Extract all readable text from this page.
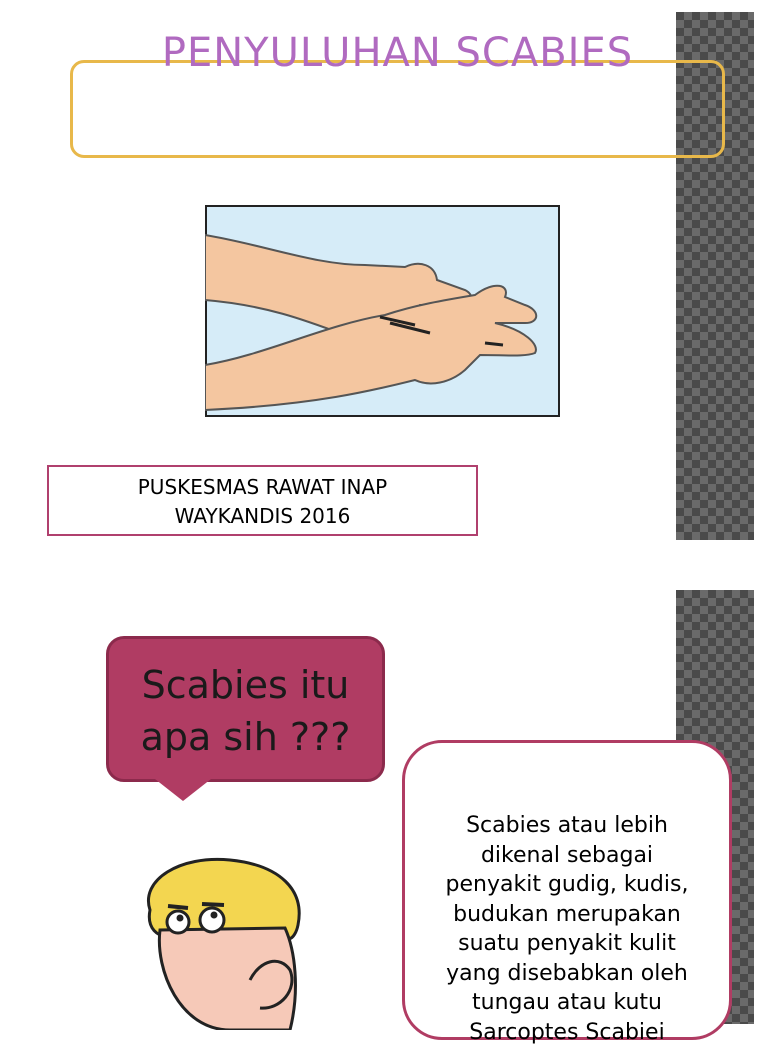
PENYULUHAN SCABIES
PUSKESMAS RAWAT INAP
WAYKANDIS 2016
Scabies itu
apa sih ???
Scabies atau lebih
dikenal sebagai
penyakit gudig, kudis,
budukan merupakan
suatu penyakit kulit
yang disebabkan oleh
tungau atau kutu
Sarcoptes Scabiei
